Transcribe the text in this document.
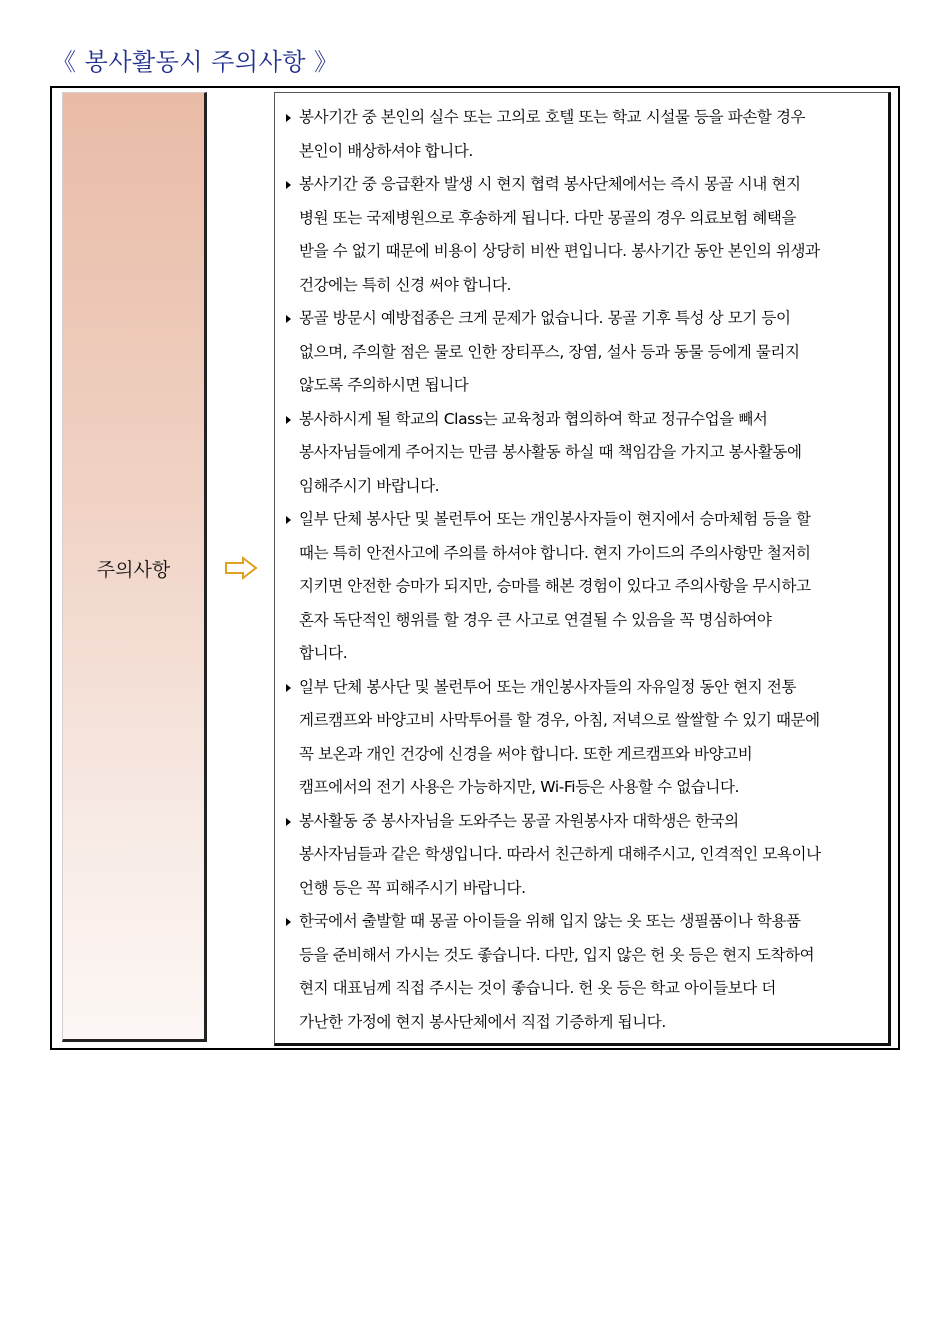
《 봉사활동시 주의사항 》
주의사항
봉사기간 중 본인의 실수 또는 고의로 호텔 또는 학교 시설물 등을 파손할 경우
본인이 배상하셔야 합니다.
봉사기간 중 응급환자 발생 시 현지 협력 봉사단체에서는 즉시 몽골 시내 현지
병원 또는 국제병원으로 후송하게 됩니다. 다만 몽골의 경우 의료보험 혜택을
받을 수 없기 때문에 비용이 상당히 비싼 편입니다. 봉사기간 동안 본인의 위생과
건강에는 특히 신경 써야 합니다.
몽골 방문시 예방접종은 크게 문제가 없습니다. 몽골 기후 특성 상 모기 등이
없으며, 주의할 점은 물로 인한 장티푸스, 장염, 설사 등과 동물 등에게 물리지
않도록 주의하시면 됩니다
봉사하시게 될 학교의 Class는 교육청과 협의하여 학교 정규수업을 빼서
봉사자님들에게 주어지는 만큼 봉사활동 하실 때 책임감을 가지고 봉사활동에
임해주시기 바랍니다.
일부 단체 봉사단 및 볼런투어 또는 개인봉사자들이 현지에서 승마체험 등을 할
때는 특히 안전사고에 주의를 하셔야 합니다. 현지 가이드의 주의사항만 철저히
지키면 안전한 승마가 되지만, 승마를 해본 경험이 있다고 주의사항을 무시하고
혼자 독단적인 행위를 할 경우 큰 사고로 연결될 수 있음을 꼭 명심하여야
합니다.
일부 단체 봉사단 및 볼런투어 또는 개인봉사자들의 자유일정 동안 현지 전통
게르캠프와 바양고비 사막투어를 할 경우, 아침, 저녁으로 쌀쌀할 수 있기 때문에
꼭 보온과 개인 건강에 신경을 써야 합니다. 또한 게르캠프와 바양고비
캠프에서의 전기 사용은 가능하지만, Wi-Fi등은 사용할 수 없습니다.
봉사활동 중 봉사자님을 도와주는 몽골 자원봉사자 대학생은 한국의
봉사자님들과 같은 학생입니다. 따라서 친근하게 대해주시고, 인격적인 모욕이나
언행 등은 꼭 피해주시기 바랍니다.
한국에서 출발할 때 몽골 아이들을 위해 입지 않는 옷 또는 생필품이나 학용품
등을 준비해서 가시는 것도 좋습니다. 다만, 입지 않은 헌 옷 등은 현지 도착하여
현지 대표님께 직접 주시는 것이 좋습니다. 헌 옷 등은 학교 아이들보다 더
가난한 가정에 현지 봉사단체에서 직접 기증하게 됩니다.
